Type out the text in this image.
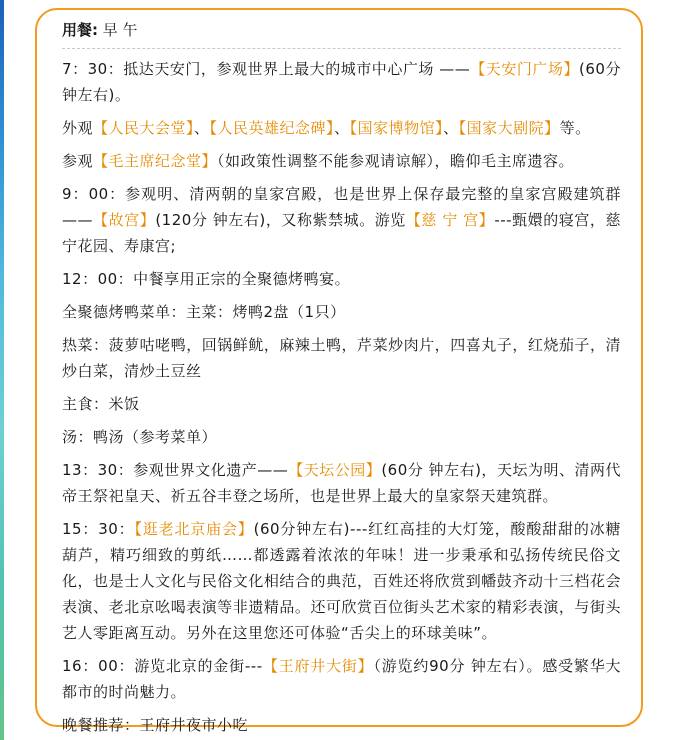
用餐: 早 午

7：30：抵达天安门，参观世界上最大的城市中心广场 ——【天安门广场】(60分 钟左右)。

外观【人民大会堂】、【人民英雄纪念碑】、【国家博物馆】、【国家大剧院】等。

参观【毛主席纪念堂】（如政策性调整不能参观请谅解），瞻仰毛主席遗容。

9：00：参观明、清两朝的皇家宫殿，也是世界上保存最完整的皇家宫殿建筑群——【故宫】(120分 钟左右)，又称紫禁城。游览【慈 宁 宫】---甄嬛的寝宫，慈宁花园、寿康宫;

12：00：中餐享用正宗的全聚德烤鸭宴。

全聚德烤鸭菜单：主菜：烤鸭2盘（1只）

热菜：菠萝咕咾鸭，回锅鲜鱿，麻辣土鸭，芹菜炒肉片，四喜丸子，红烧茄子，清炒白菜，清炒土豆丝

主食：米饭

汤：鸭汤（参考菜单）

13：30：参观世界文化遗产——【天坛公园】(60分 钟左右)，天坛为明、清两代帝王祭祀皇天、祈五谷丰登之场所，也是世界上最大的皇家祭天建筑群。

15：30：【逛老北京庙会】(60分钟左右)---红红高挂的大灯笼，酸酸甜甜的冰糖葫芦，精巧细致的剪纸……都透露着浓浓的年味！进一步秉承和弘扬传统民俗文化，也是士人文化与民俗文化相结合的典范，百姓还将欣赏到幡鼓齐动十三档花会表演、老北京吆喝表演等非遗精品。还可欣赏百位街头艺术家的精彩表演，与街头艺人零距离互动。另外在这里您还可体验“舌尖上的环球美味”。

16：00：游览北京的金街---【王府井大街】（游览约90分 钟左右）。感受繁华大都市的时尚魅力。

晚餐推荐：王府井夜市小吃
